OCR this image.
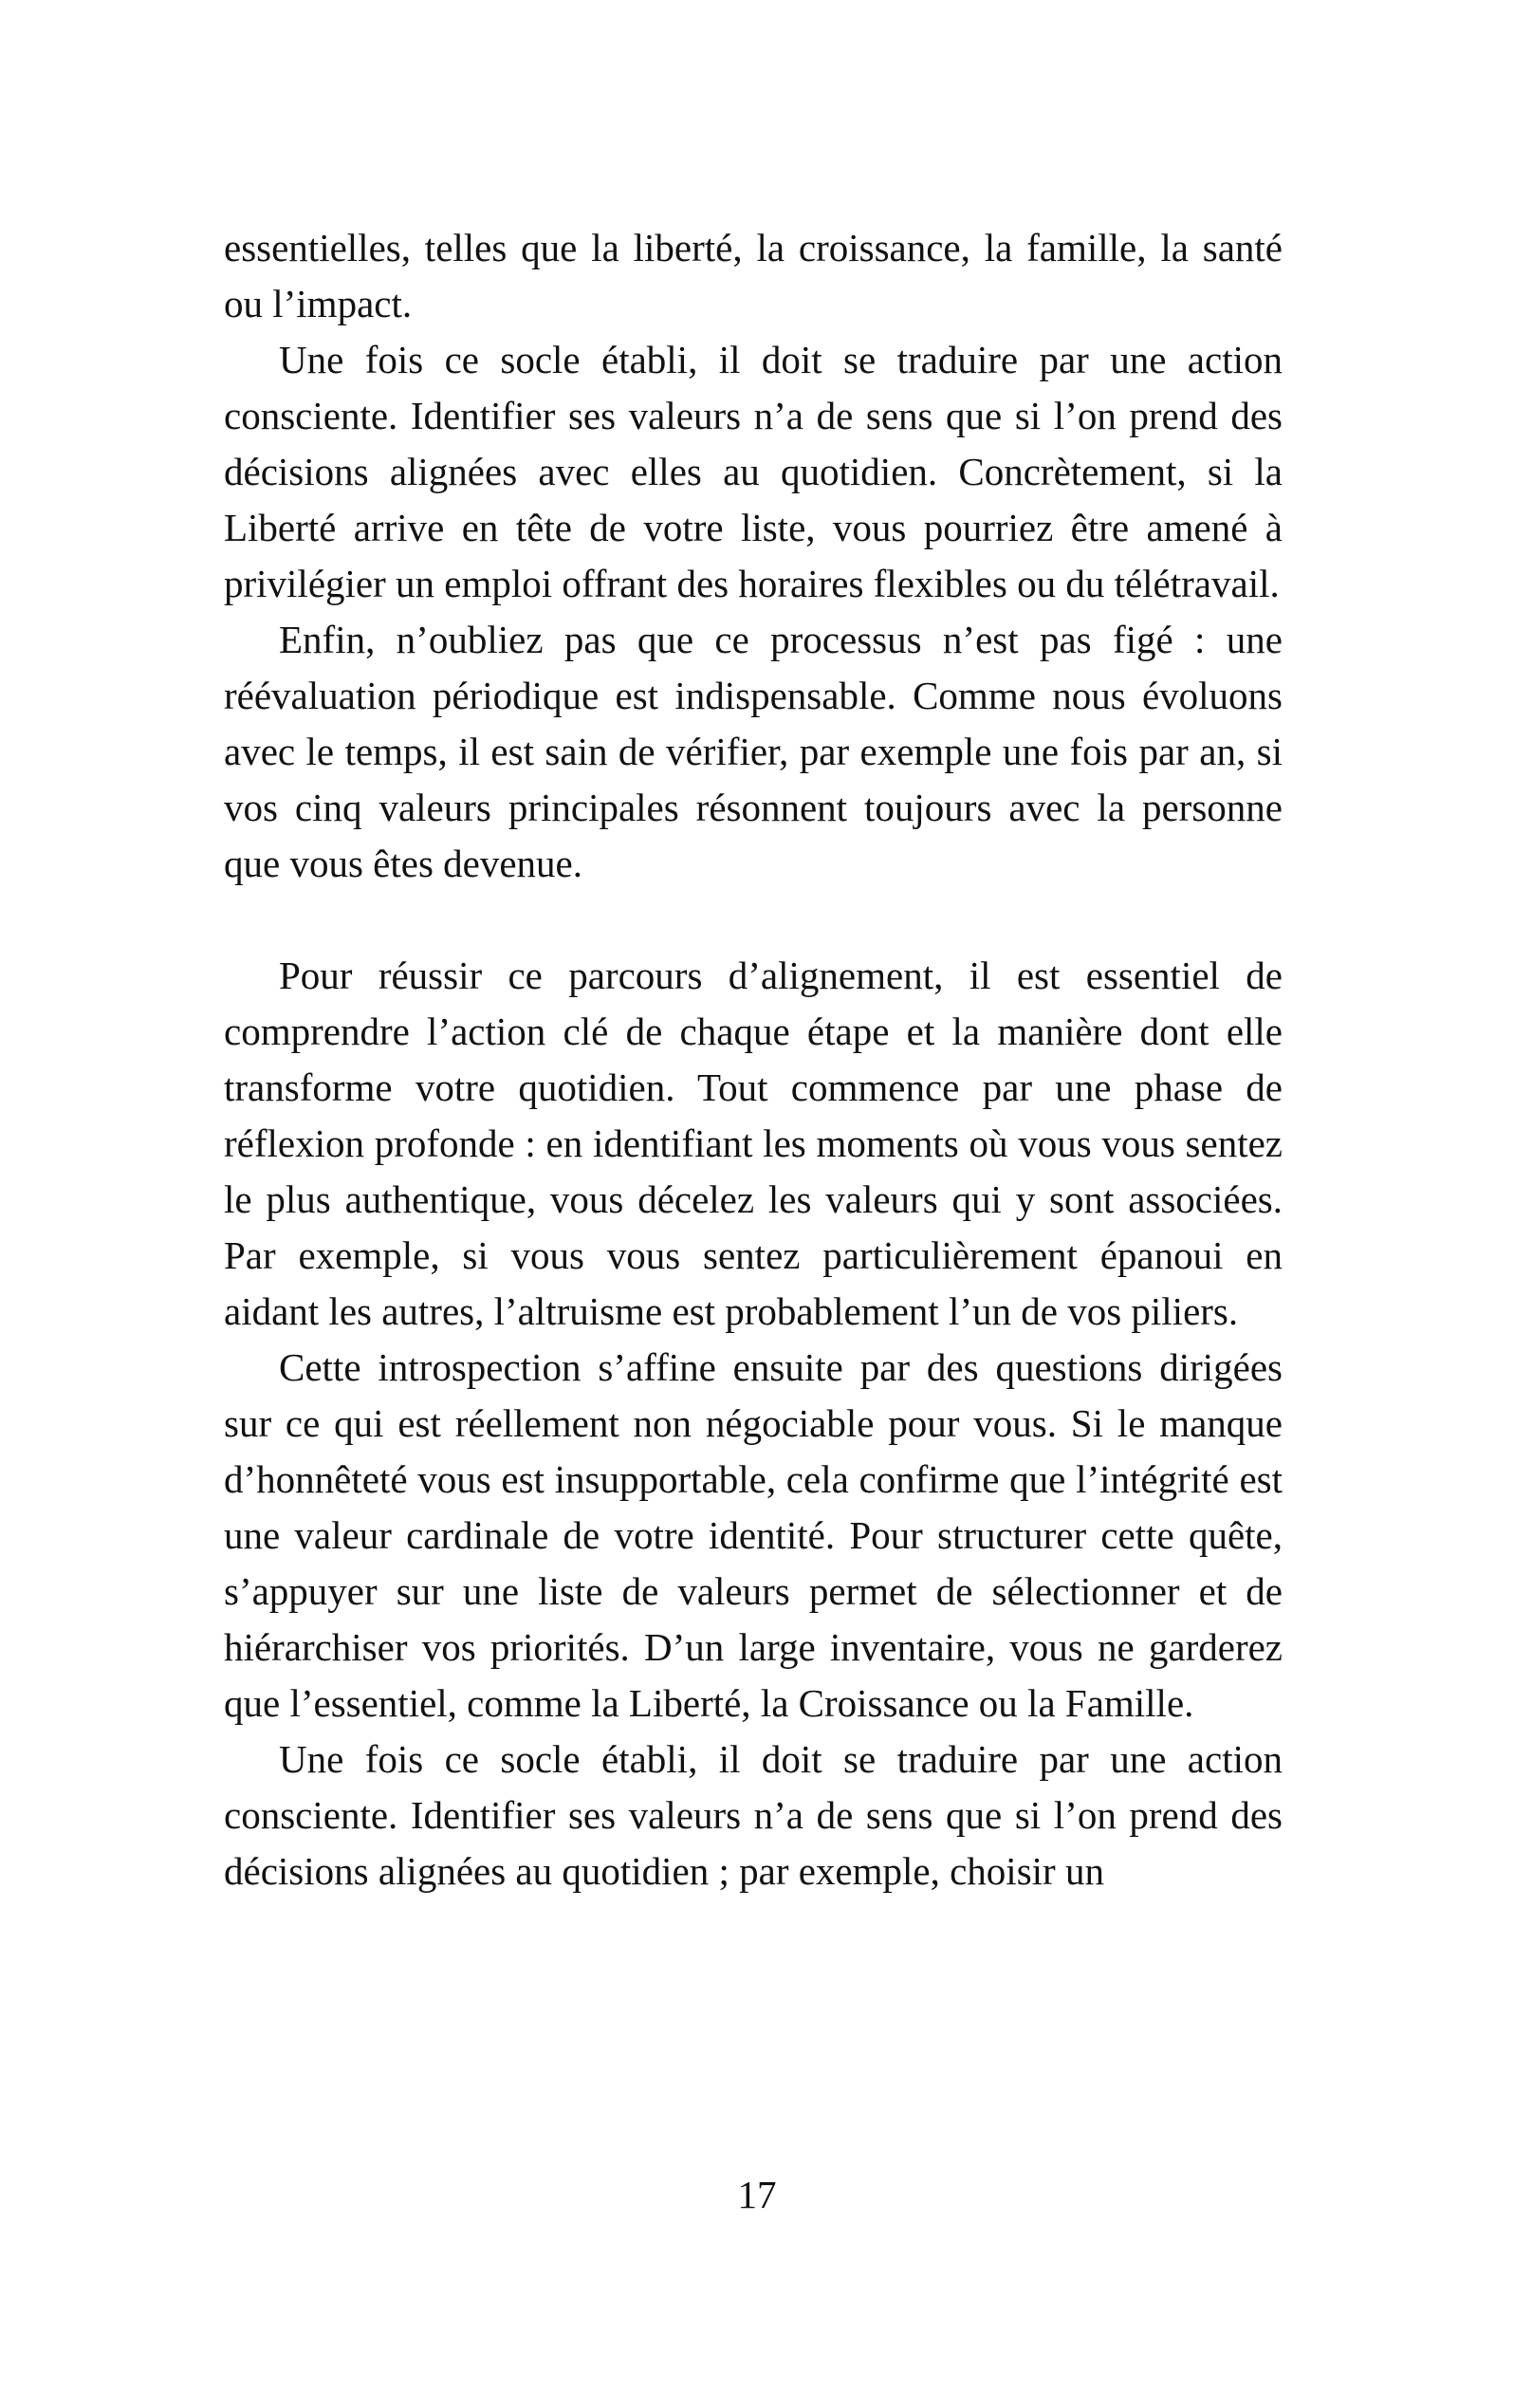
essentielles, telles que la liberté, la croissance, la famille, la santé ou l’impact.

Une fois ce socle établi, il doit se traduire par une action consciente. Identifier ses valeurs n’a de sens que si l’on prend des décisions alignées avec elles au quotidien. Concrètement, si la Liberté arrive en tête de votre liste, vous pourriez être amené à privilégier un emploi offrant des horaires flexibles ou du télétravail.

Enfin, n’oubliez pas que ce processus n’est pas figé : une réévaluation périodique est indispensable. Comme nous évoluons avec le temps, il est sain de vérifier, par exemple une fois par an, si vos cinq valeurs principales résonnent toujours avec la personne que vous êtes devenue.

Pour réussir ce parcours d’alignement, il est essentiel de comprendre l’action clé de chaque étape et la manière dont elle transforme votre quotidien. Tout commence par une phase de réflexion profonde : en identifiant les moments où vous vous sentez le plus authentique, vous décelez les valeurs qui y sont associées. Par exemple, si vous vous sentez particulièrement épanoui en aidant les autres, l’altruisme est probablement l’un de vos piliers.

Cette introspection s’affine ensuite par des questions dirigées sur ce qui est réellement non négociable pour vous. Si le manque d’honnêteté vous est insupportable, cela confirme que l’intégrité est une valeur cardinale de votre identité. Pour structurer cette quête, s’appuyer sur une liste de valeurs permet de sélectionner et de hiérarchiser vos priorités. D’un large inventaire, vous ne garderez que l’essentiel, comme la Liberté, la Croissance ou la Famille.

Une fois ce socle établi, il doit se traduire par une action consciente. Identifier ses valeurs n’a de sens que si l’on prend des décisions alignées au quotidien ; par exemple, choisir un

17
